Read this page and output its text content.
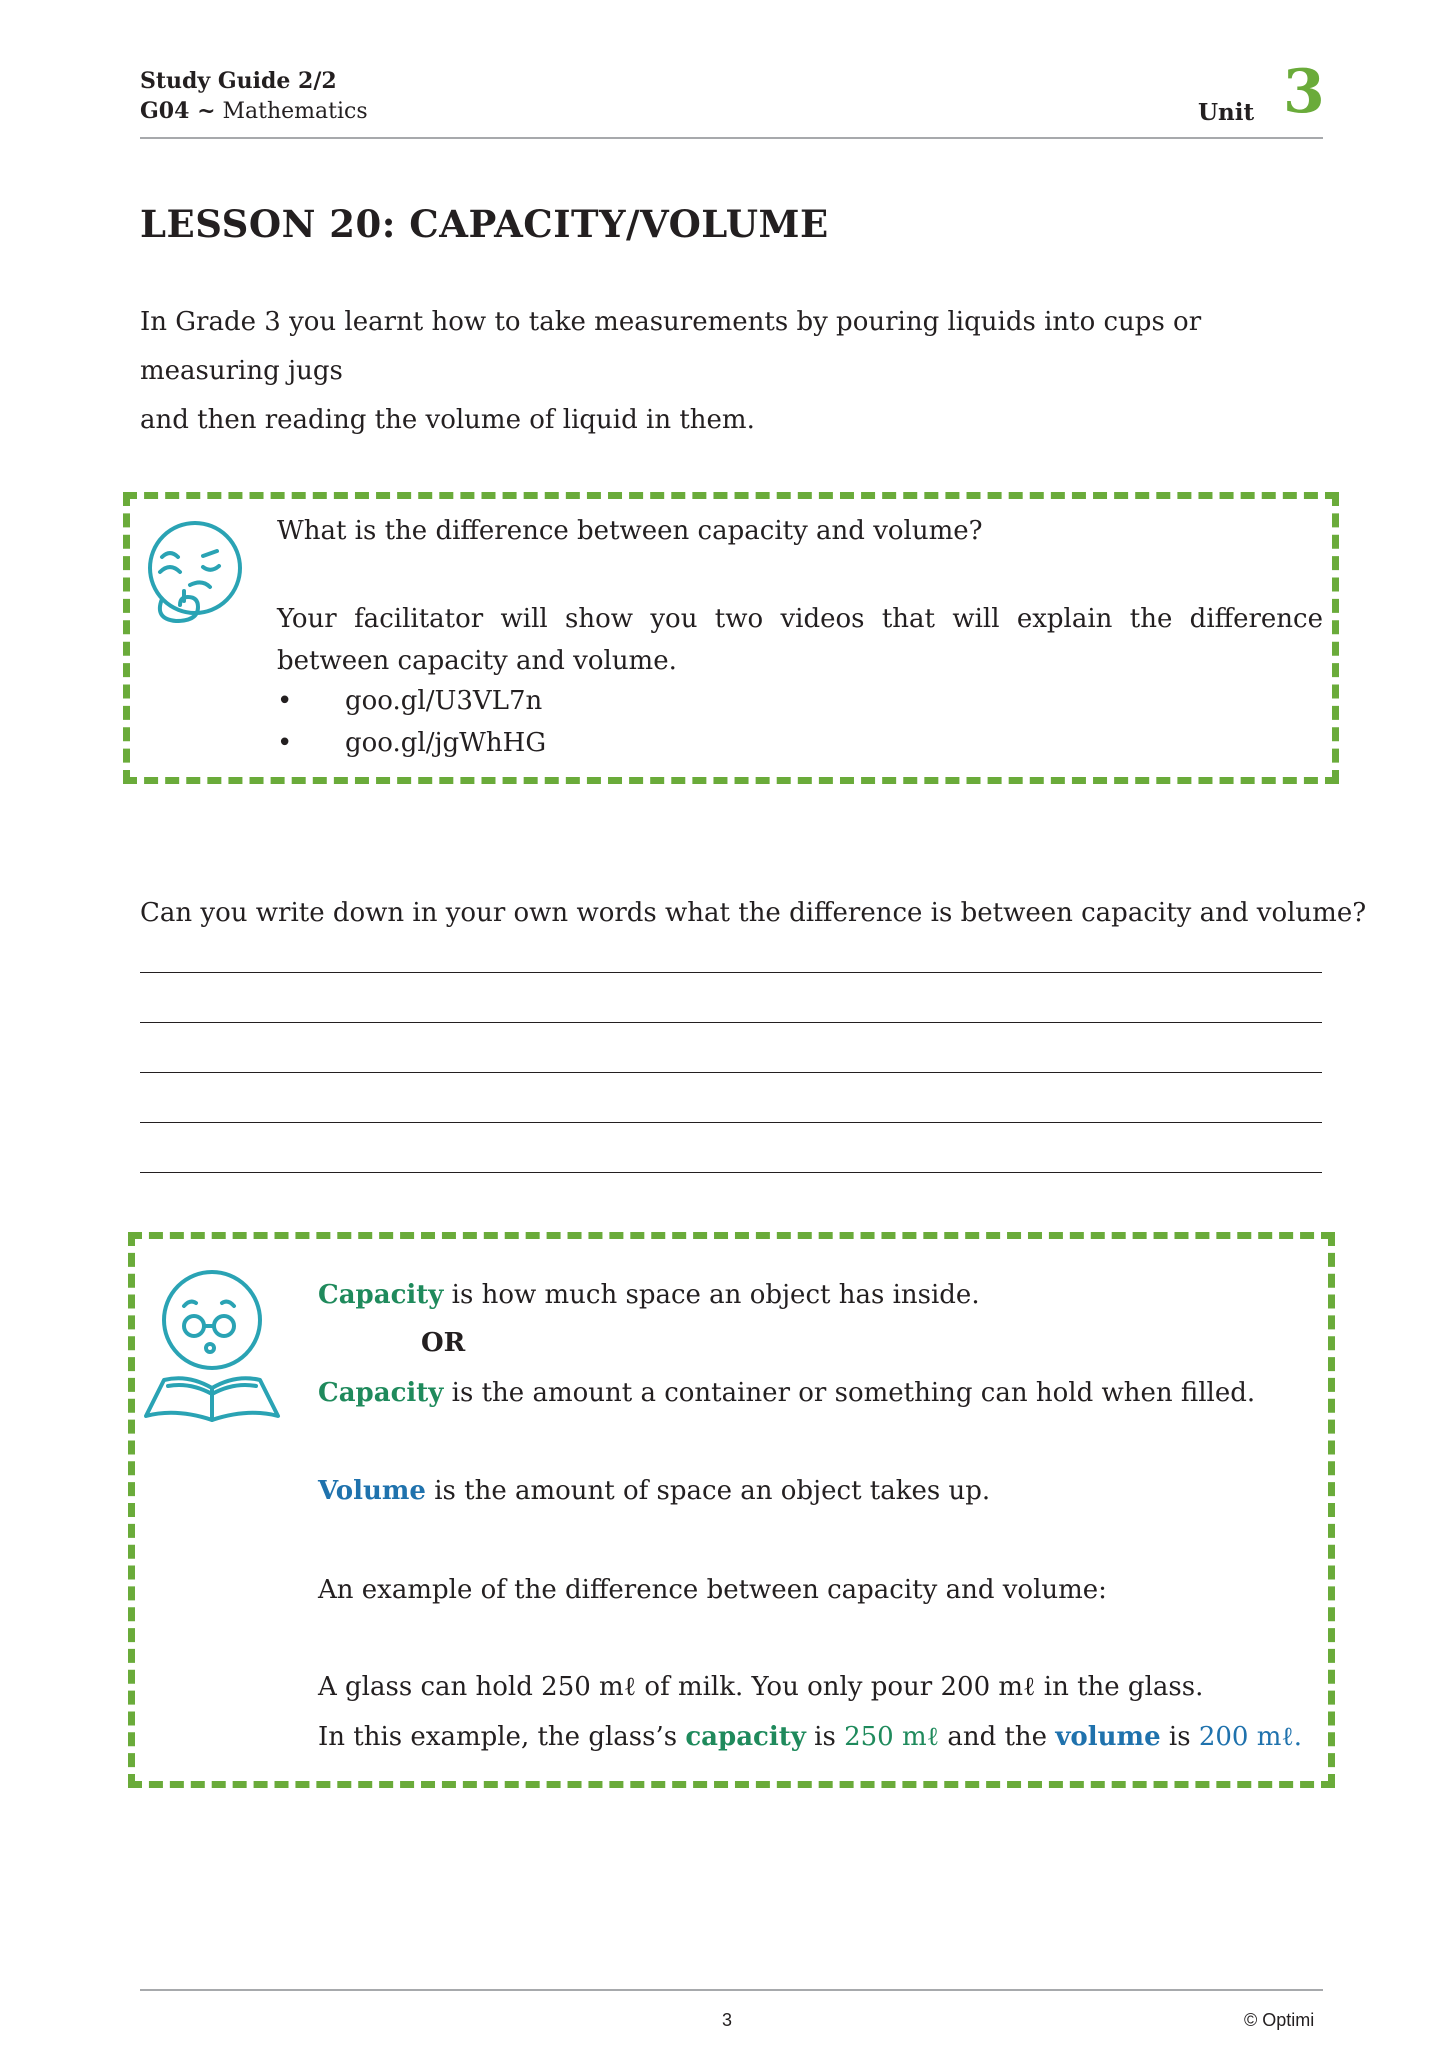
Study Guide 2/2
G04 ~ Mathematics	Unit 3
LESSON 20: CAPACITY/VOLUME
In Grade 3 you learnt how to take measurements by pouring liquids into cups or measuring jugs
and then reading the volume of liquid in them.
What is the difference between capacity and volume?
Your facilitator will show you two videos that will explain the difference between capacity and volume.
• goo.gl/U3VL7n
• goo.gl/jgWhHG
Can you write down in your own words what the difference is between capacity and volume?
Capacity is how much space an object has inside.
OR
Capacity is the amount a container or something can hold when filled.
Volume is the amount of space an object takes up.
An example of the difference between capacity and volume:
A glass can hold 250 mℓ of milk. You only pour 200 mℓ in the glass.
In this example, the glass’s capacity is 250 mℓ and the volume is 200 mℓ.
3	© Optimi
